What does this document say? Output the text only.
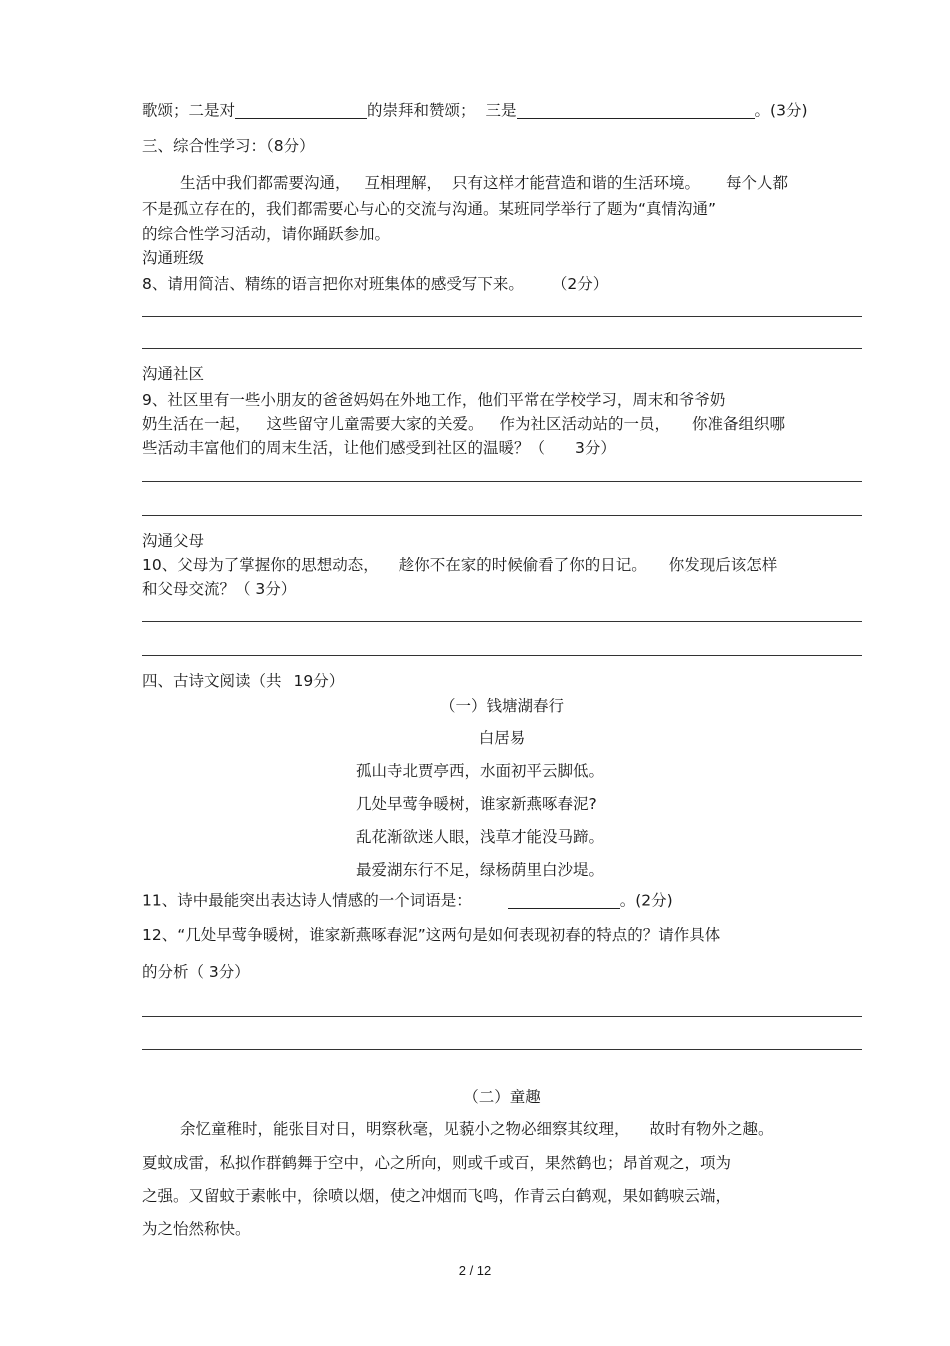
歌颂；二是对	的崇拜和赞颂； 三是	。(3分)
三、综合性学习：（8分）
生活中我们都需要沟通， 互相理解， 只有这样才能营造和谐的生活环境。 每个人都
不是孤立存在的，我们都需要心与心的交流与沟通。某班同学举行了题为“真情沟通”
的综合性学习活动，请你踊跃参加。
沟通班级
8、请用简洁、精练的语言把你对班集体的感受写下来。 （2分）
沟通社区
9、社区里有一些小朋友的爸爸妈妈在外地工作，他们平常在学校学习，周末和爷爷奶
奶生活在一起， 这些留守儿童需要大家的关爱。 作为社区活动站的一员， 你准备组织哪
些活动丰富他们的周末生活，让他们感受到社区的温暖？（ 3分）
沟通父母
10、父母为了掌握你的思想动态， 趁你不在家的时候偷看了你的日记。 你发现后该怎样
和父母交流？（ 3分）
四、古诗文阅读（共 19分）
（一）钱塘湖春行
白居易
孤山寺北贾亭西，水面初平云脚低。
几处早莺争暖树，谁家新燕啄春泥?
乱花渐欲迷人眼，浅草才能没马蹄。
最爱湖东行不足，绿杨荫里白沙堤。
11、诗中最能突出表达诗人情感的一个词语是：	。(2分)
12、“几处早莺争暖树，谁家新燕啄春泥”这两句是如何表现初春的特点的？请作具体
的分析（ 3分）
（二）童趣
余忆童稚时，能张目对日，明察秋毫，见藐小之物必细察其纹理， 故时有物外之趣。
夏蚊成雷，私拟作群鹤舞于空中，心之所向，则或千或百，果然鹤也；昂首观之，项为
之强。又留蚊于素帐中，徐喷以烟，使之冲烟而飞鸣，作青云白鹤观，果如鹤唳云端，
为之怡然称快。
2 / 12
